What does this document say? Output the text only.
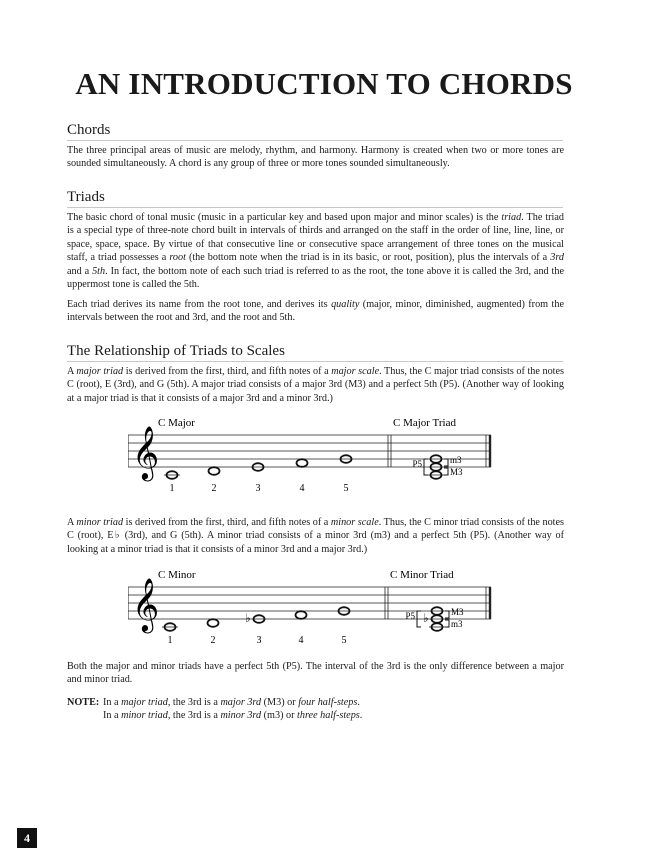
AN INTRODUCTION TO CHORDS
Chords

The three principal areas of music are melody, rhythm, and harmony. Harmony is created when two or more tones are sounded simultaneously. A chord is any group of three or more tones sounded simultaneously.

Triads

The basic chord of tonal music (music in a particular key and based upon major and minor scales) is the triad. The triad is a special type of three-note chord built in intervals of thirds and arranged on the staff in the order of line, line, line, or space, space, space. By virtue of that consecutive line or consecutive space arrangement of three tones on the musical staff, a triad possesses a root (the bottom note when the triad is in its basic, or root, position), plus the intervals of a 3rd and a 5th. In fact, the bottom note of each such triad is referred to as the root, the tone above it is called the 3rd, and the uppermost tone is called the 5th.

Each triad derives its name from the root tone, and derives its quality (major, minor, diminished, augmented) from the intervals between the root and 3rd, and the root and 5th.

The Relationship of Triads to Scales

A major triad is derived from the first, third, and fifth notes of a major scale. Thus, the C major triad consists of the notes C (root), E (3rd), and G (5th). A major triad consists of a major 3rd (M3) and a perfect 5th (P5). (Another way of looking at a major triad is that it consists of a major 3rd and a minor 3rd.)

C Major	C Major Triad
𝄞
1	2	3	4	5
P5	m3
M3

A minor triad is derived from the first, third, and fifth notes of a minor scale. Thus, the C minor triad consists of the notes C (root), E♭ (3rd), and G (5th). A minor triad consists of a minor 3rd (m3) and a perfect 5th (P5). (Another way of looking at a minor triad is that it consists of a minor 3rd and a major 3rd.)

C Minor	C Minor Triad
𝄞	♭
1	2	3	4	5
♭
P5	M3
m3

Both the major and minor triads have a perfect 5th (P5). The interval of the 3rd is the only difference between a major and minor triad.

NOTE: In a major triad, the 3rd is a major 3rd (M3) or four half-steps.
In a minor triad, the 3rd is a minor 3rd (m3) or three half-steps.
4
